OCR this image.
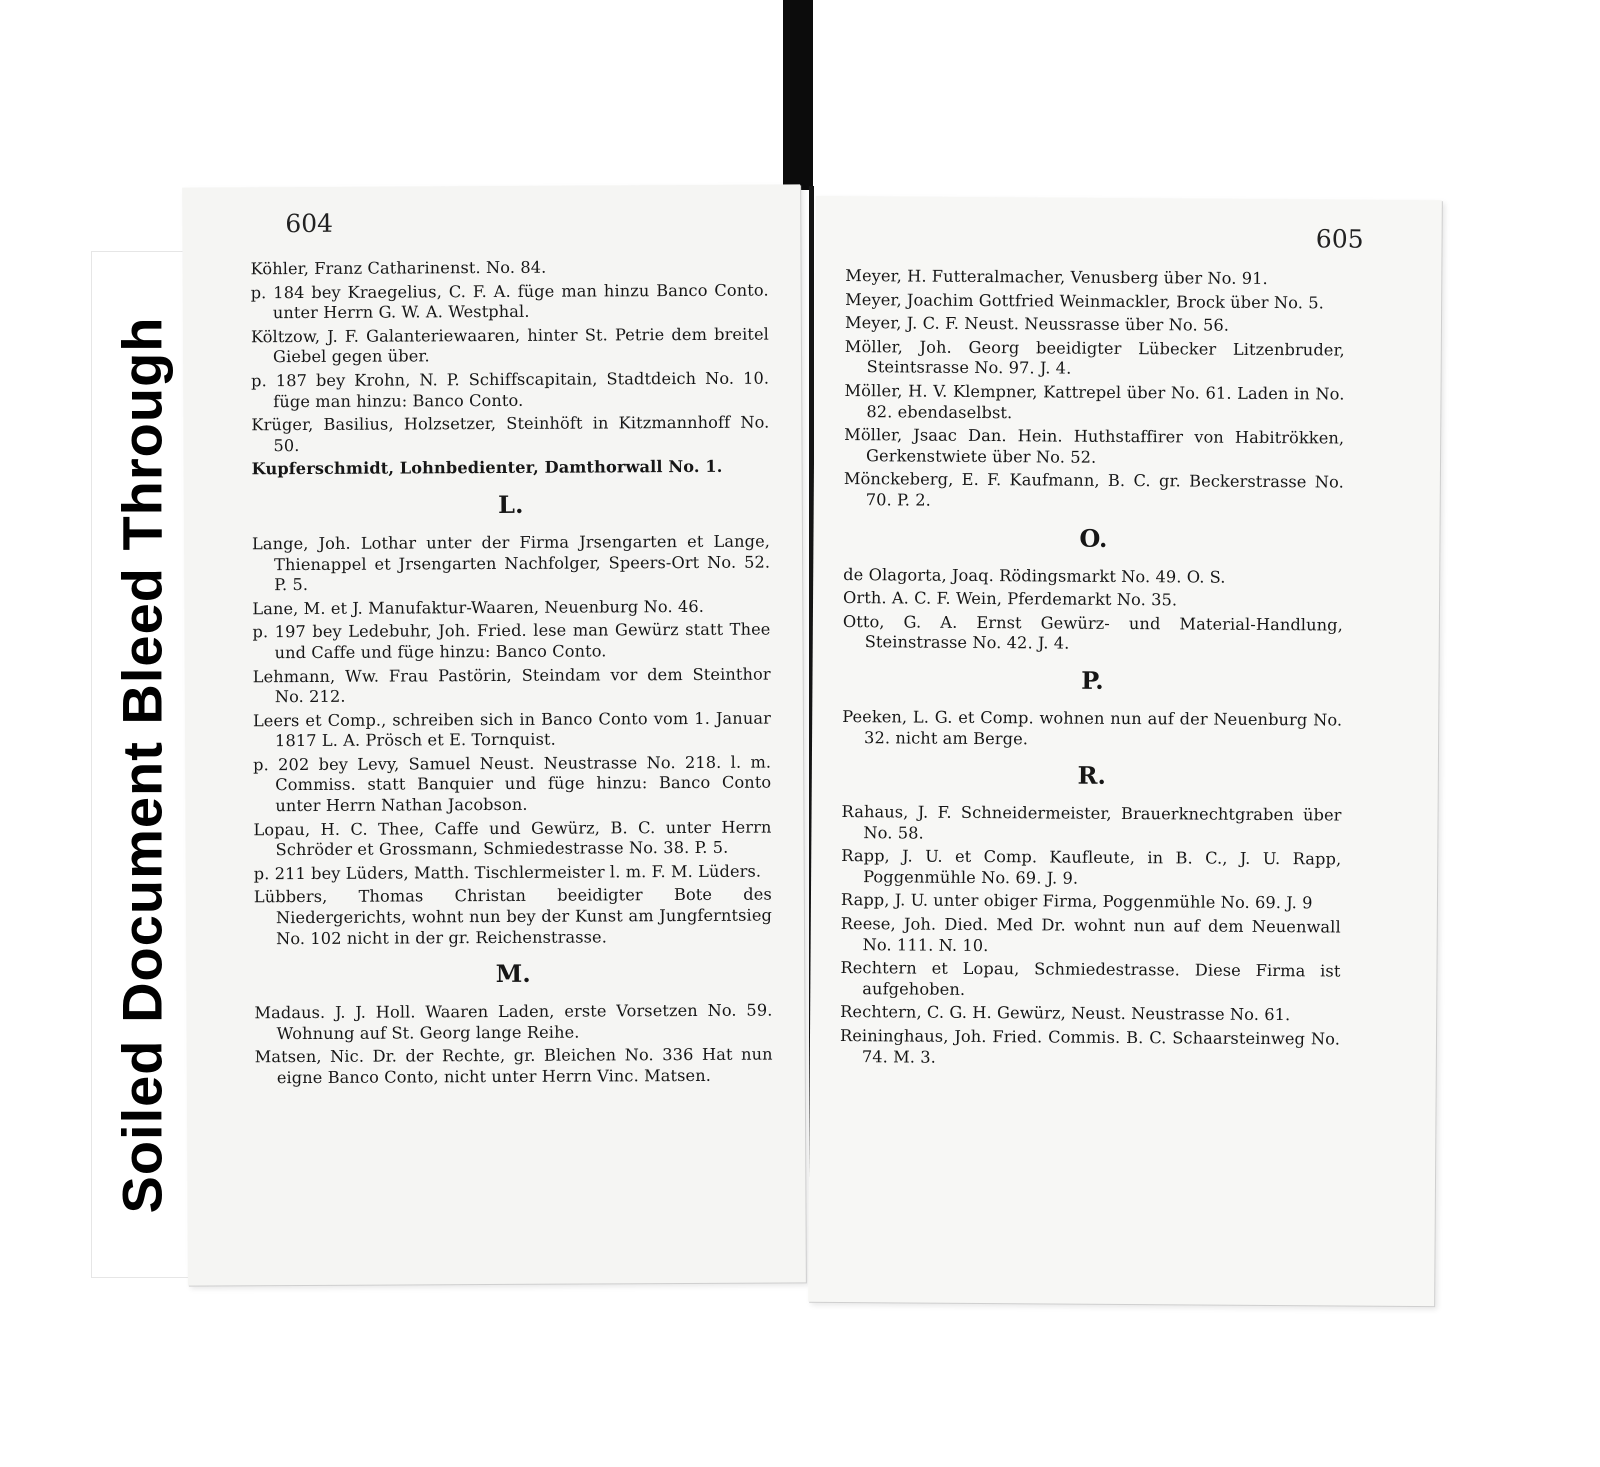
Soiled Document Bleed Through
604
Köhler, Franz Catharinenst. No. 84.
p. 184 bey Kraegelius, C. F. A. füge man hinzu Banco Conto. unter Herrn G. W. A. Westphal.
Költzow, J. F. Galanteriewaaren, hinter St. Petrie dem breitel Giebel gegen über.
p. 187 bey Krohn, N. P. Schiffscapitain, Stadtdeich No. 10. füge man hinzu: Banco Conto.
Krüger, Basilius, Holzsetzer, Steinhöft in Kitzmannhoff No. 50.
Kupferschmidt, Lohnbedienter, Damthorwall No. 1.
L.
Lange, Joh. Lothar unter der Firma Jrsengarten et Lange, Thienappel et Jrsengarten Nachfolger, Speers-Ort No. 52. P. 5.
Lane, M. et J. Manufaktur-Waaren, Neuenburg No. 46.
p. 197 bey Ledebuhr, Joh. Fried. lese man Gewürz statt Thee und Caffe und füge hinzu: Banco Conto.
Lehmann, Ww. Frau Pastörin, Steindam vor dem Steinthor No. 212.
Leers et Comp., schreiben sich in Banco Conto vom 1. Januar 1817 L. A. Prösch et E. Tornquist.
p. 202 bey Levy, Samuel Neust. Neustrasse No. 218. l. m. Commiss. statt Banquier und füge hinzu: Banco Conto unter Herrn Nathan Jacobson.
Lopau, H. C. Thee, Caffe und Gewürz, B. C. unter Herrn Schröder et Grossmann, Schmiedestrasse No. 38. P. 5.
p. 211 bey Lüders, Matth. Tischlermeister l. m. F. M. Lüders.
Lübbers, Thomas Christan beeidigter Bote des Niedergerichts, wohnt nun bey der Kunst am Jungferntsieg No. 102 nicht in der gr. Reichenstrasse.
M.
Madaus. J. J. Holl. Waaren Laden, erste Vorsetzen No. 59. Wohnung auf St. Georg lange Reihe.
Matsen, Nic. Dr. der Rechte, gr. Bleichen No. 336 Hat nun eigne Banco Conto, nicht unter Herrn Vinc. Matsen.
605
Meyer, H. Futteralmacher, Venusberg über No. 91.
Meyer, Joachim Gottfried Weinmackler, Brock über No. 5.
Meyer, J. C. F. Neust. Neussrasse über No. 56.
Möller, Joh. Georg beeidigter Lübecker Litzenbruder, Steintsrasse No. 97. J. 4.
Möller, H. V. Klempner, Kattrepel über No. 61. Laden in No. 82. ebendaselbst.
Möller, Jsaac Dan. Hein. Huthstaffirer von Habitrökken, Gerkenstwiete über No. 52.
Mönckeberg, E. F. Kaufmann, B. C. gr. Beckerstrasse No. 70. P. 2.
O.
de Olagorta, Joaq. Rödingsmarkt No. 49. O. S.
Orth. A. C. F. Wein, Pferdemarkt No. 35.
Otto, G. A. Ernst Gewürz- und Material-Handlung, Steinstrasse No. 42. J. 4.
P.
Peeken, L. G. et Comp. wohnen nun auf der Neuenburg No. 32. nicht am Berge.
R.
Rahaus, J. F. Schneidermeister, Brauerknechtgraben über No. 58.
Rapp, J. U. et Comp. Kaufleute, in B. C., J. U. Rapp, Poggenmühle No. 69. J. 9.
Rapp, J. U. unter obiger Firma, Poggenmühle No. 69. J. 9
Reese, Joh. Died. Med Dr. wohnt nun auf dem Neuenwall No. 111. N. 10.
Rechtern et Lopau, Schmiedestrasse. Diese Firma ist aufgehoben.
Rechtern, C. G. H. Gewürz, Neust. Neustrasse No. 61.
Reininghaus, Joh. Fried. Commis. B. C. Schaarsteinweg No. 74. M. 3.
